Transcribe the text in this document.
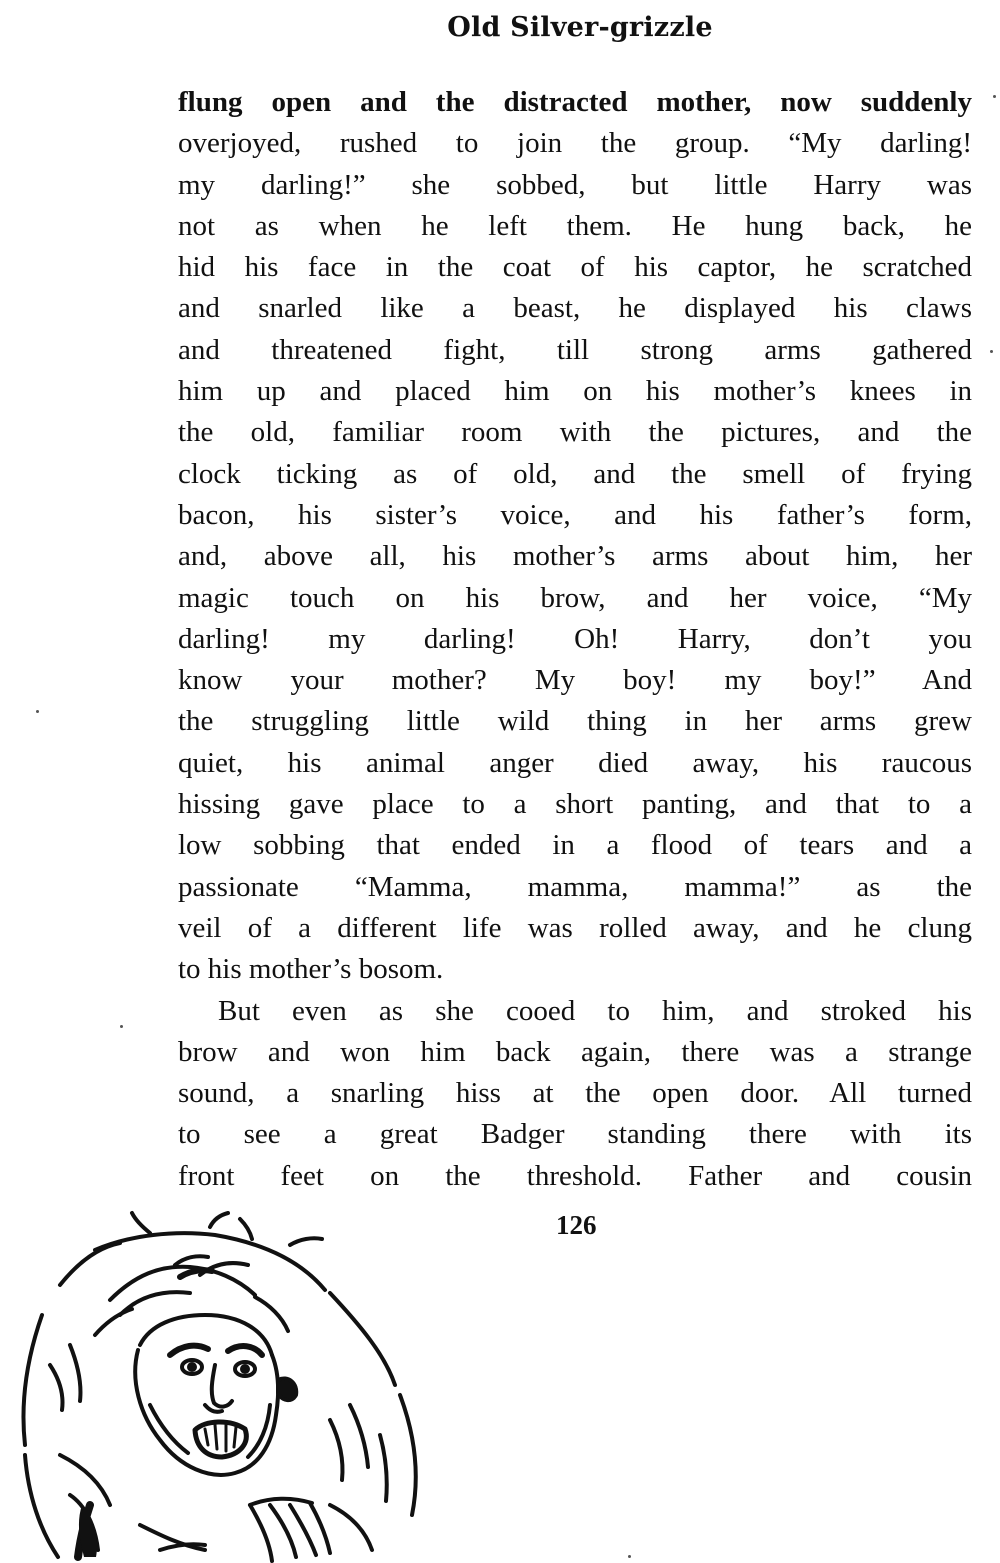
Old Silver-grizzle
flung open and the distracted mother, now suddenly
overjoyed, rushed to join the group. “My darling!
my darling!” she sobbed, but little Harry was
not as when he left them. He hung back, he
hid his face in the coat of his captor, he scratched
and snarled like a beast, he displayed his claws
and threatened fight, till strong arms gathered
him up and placed him on his mother’s knees in
the old, familiar room with the pictures, and the
clock ticking as of old, and the smell of frying
bacon, his sister’s voice, and his father’s form,
and, above all, his mother’s arms about him, her
magic touch on his brow, and her voice, “My
darling! my darling! Oh! Harry, don’t you
know your mother? My boy! my boy!” And
the struggling little wild thing in her arms grew
quiet, his animal anger died away, his raucous
hissing gave place to a short panting, and that to a
low sobbing that ended in a flood of tears and a
passionate “Mamma, mamma, mamma!” as the
veil of a different life was rolled away, and he clung
to his mother’s bosom.
But even as she cooed to him, and stroked his
brow and won him back again, there was a strange
sound, a snarling hiss at the open door. All turned
to see a great Badger standing there with its
front feet on the threshold. Father and cousin
126
